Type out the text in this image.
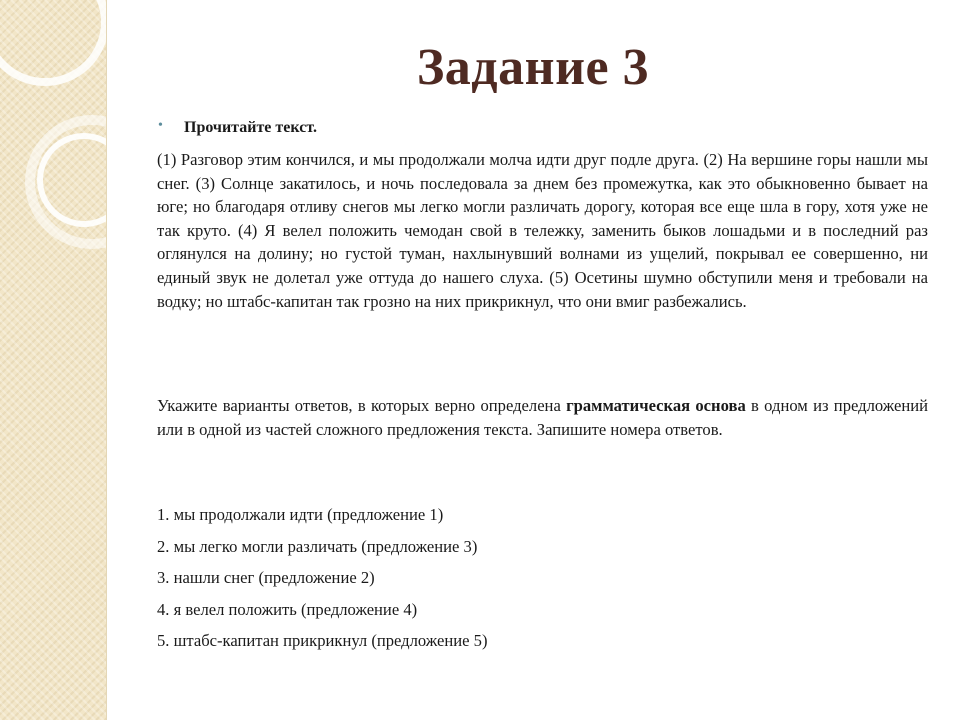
Задание 3
• Прочитайте текст.

(1) Разговор этим кончился, и мы продолжали молча идти друг подле друга. (2) На вершине горы нашли мы снег. (3) Солнце закатилось, и ночь последовала за днем без промежутка, как это обыкновенно бывает на юге; но благодаря отливу снегов мы легко могли различать дорогу, которая все еще шла в гору, хотя уже не так круто. (4) Я велел положить чемодан свой в тележку, заменить быков лошадьми и в последний раз оглянулся на долину; но густой туман, нахлынувший волнами из ущелий, покрывал ее совершенно, ни единый звук не долетал уже оттуда до нашего слуха. (5) Осетины шумно обступили меня и требовали на водку; но штабс-капитан так грозно на них прикрикнул, что они вмиг разбежались.

Укажите варианты ответов, в которых верно определена грамматическая основа в одном из предложений или в одной из частей сложного предложения текста. Запишите номера ответов.

1. мы продолжали идти (предложение 1)
2. мы легко могли различать (предложение 3)
3. нашли снег (предложение 2)
4. я велел положить (предложение 4)
5. штабс-капитан прикрикнул (предложение 5)
